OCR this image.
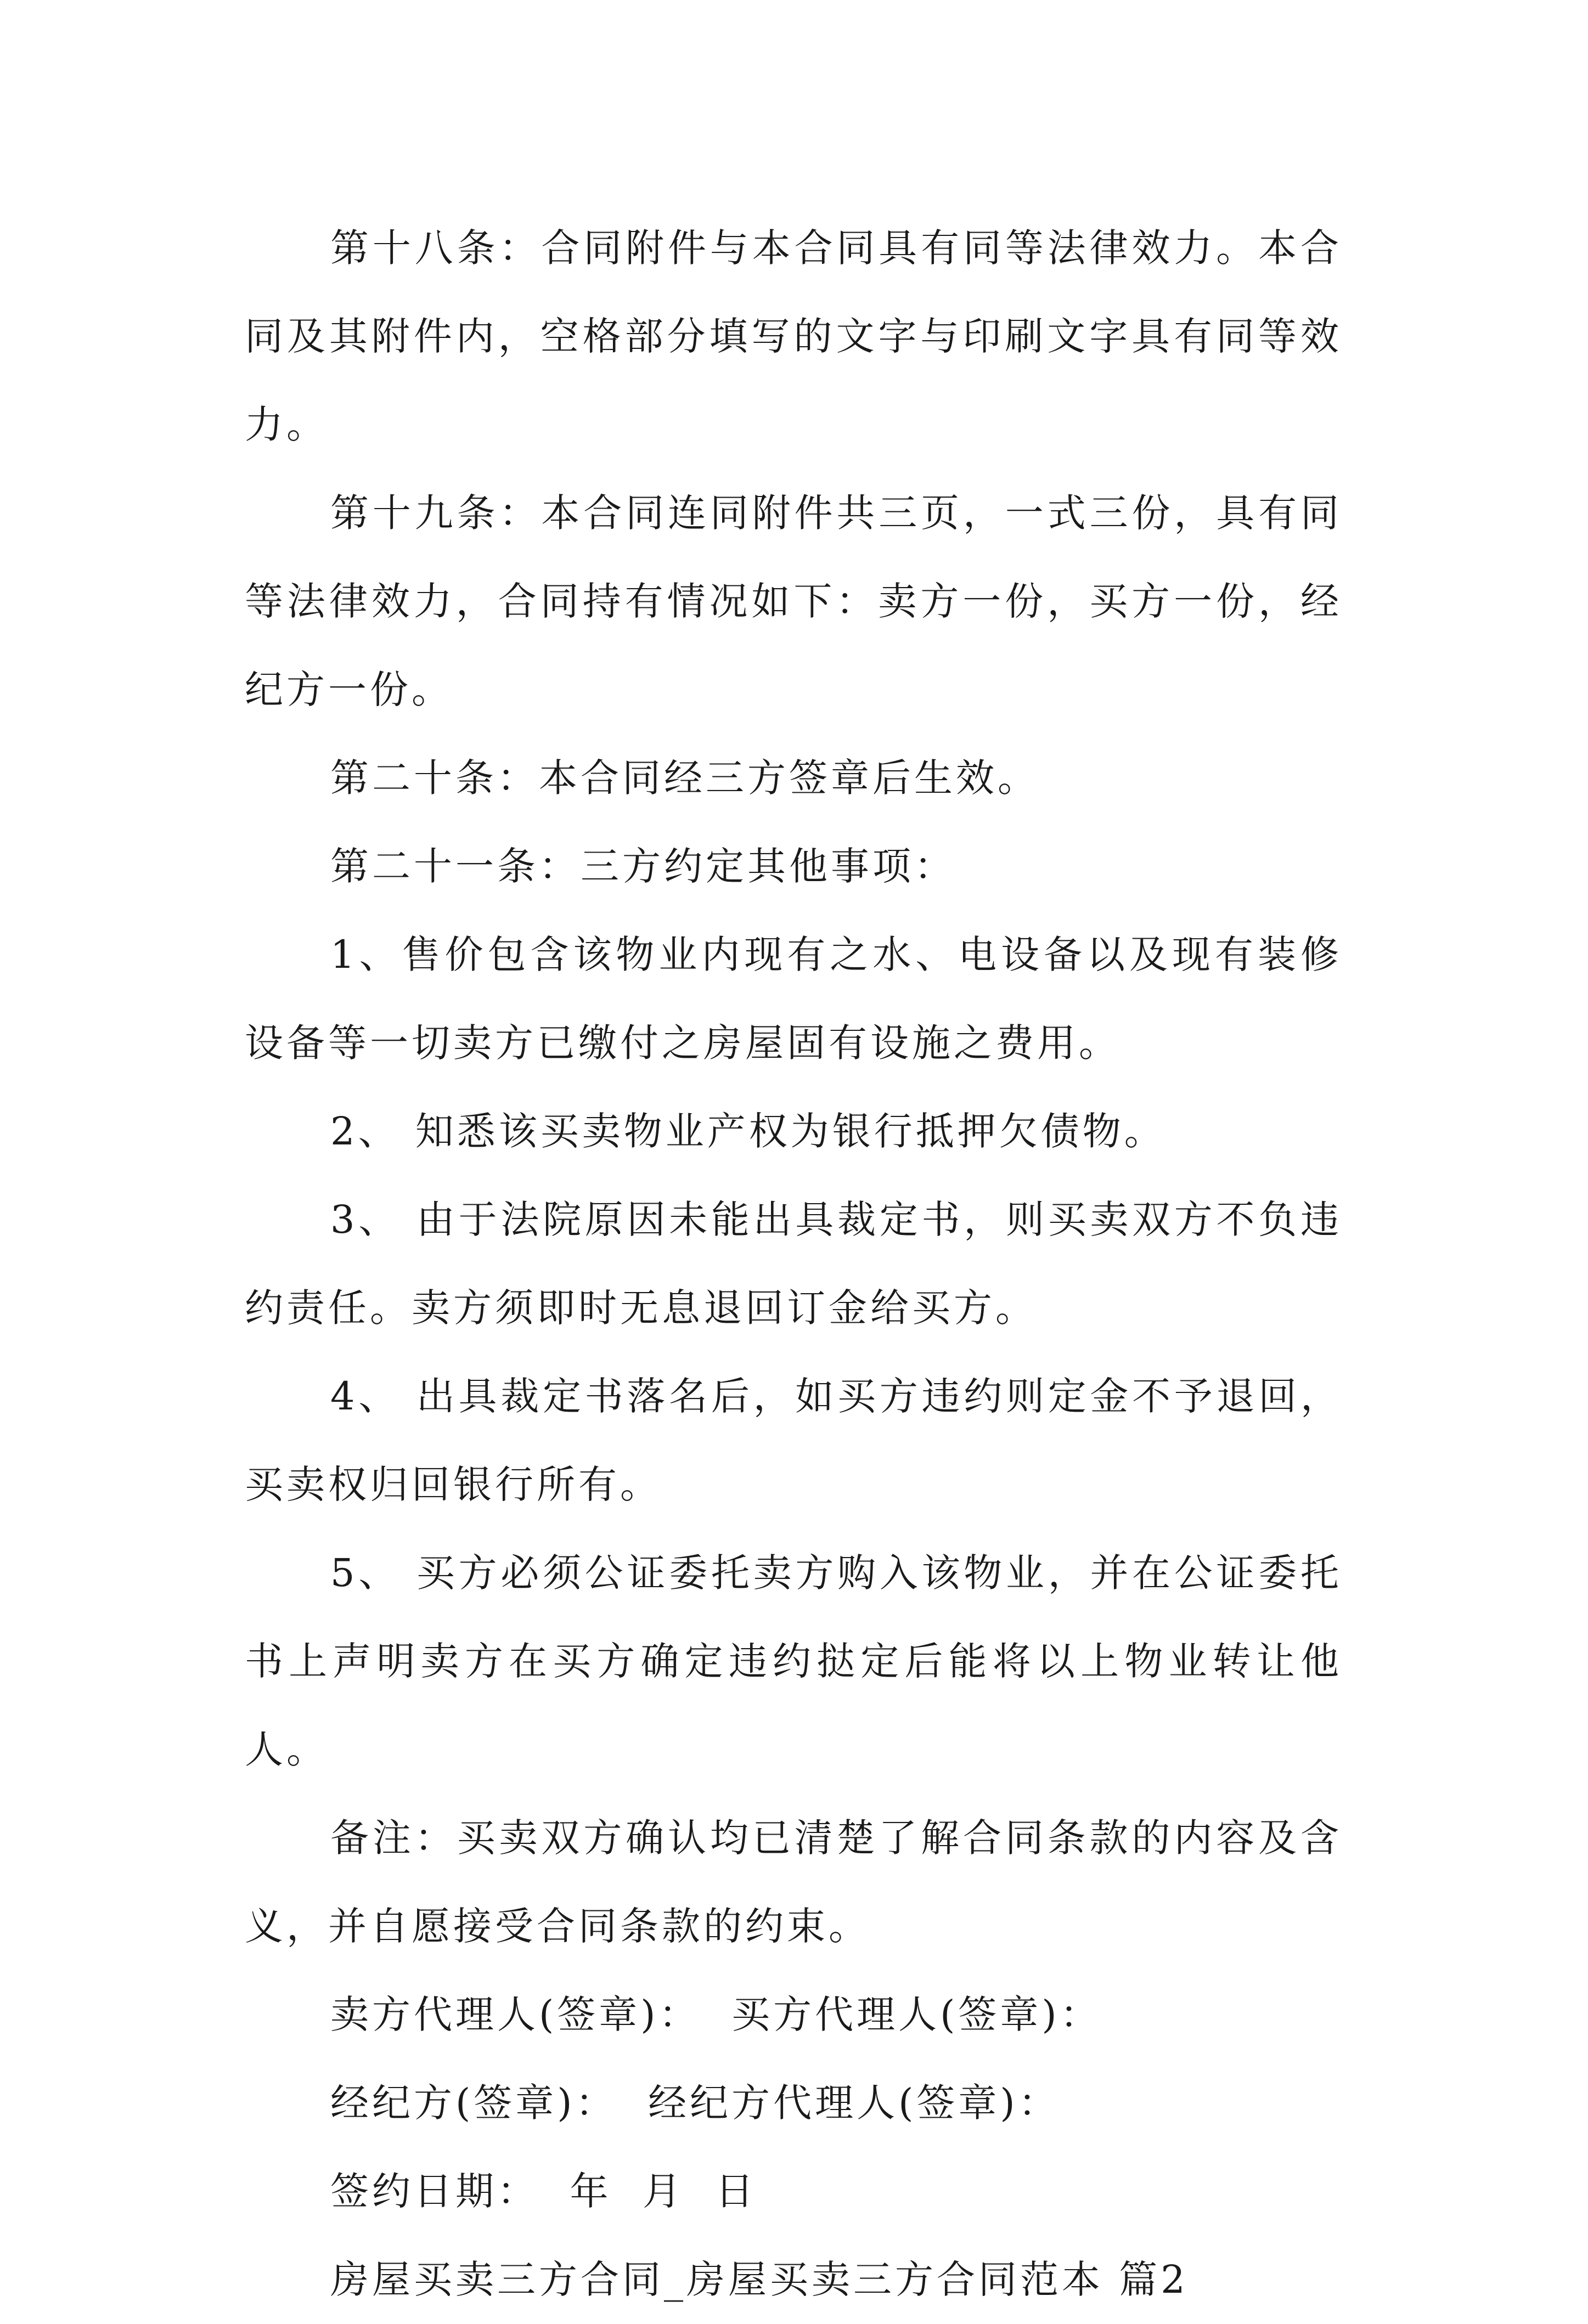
第十八条：合同附件与本合同具有同等法律效力。本合同及其附件内，空格部分填写的文字与印刷文字具有同等效力。

第十九条：本合同连同附件共三页，一式三份，具有同等法律效力，合同持有情况如下：卖方一份，买方一份，经纪方一份。

第二十条：本合同经三方签章后生效。

第二十一条：三方约定其他事项：

1、售价包含该物业内现有之水、电设备以及现有装修设备等一切卖方已缴付之房屋固有设施之费用。

2、 知悉该买卖物业产权为银行抵押欠债物。

3、 由于法院原因未能出具裁定书，则买卖双方不负违约责任。卖方须即时无息退回订金给买方。

4、 出具裁定书落名后，如买方违约则定金不予退回，买卖权归回银行所有。

5、 买方必须公证委托卖方购入该物业，并在公证委托书上声明卖方在买方确定违约挞定后能将以上物业转让他人。

备注：买卖双方确认均已清楚了解合同条款的内容及含义，并自愿接受合同条款的约束。

卖方代理人(签章)：  买方代理人(签章)：

经纪方(签章)：  经纪方代理人(签章)：

签约日期：  年  月  日

房屋买卖三方合同_房屋买卖三方合同范本 篇2
